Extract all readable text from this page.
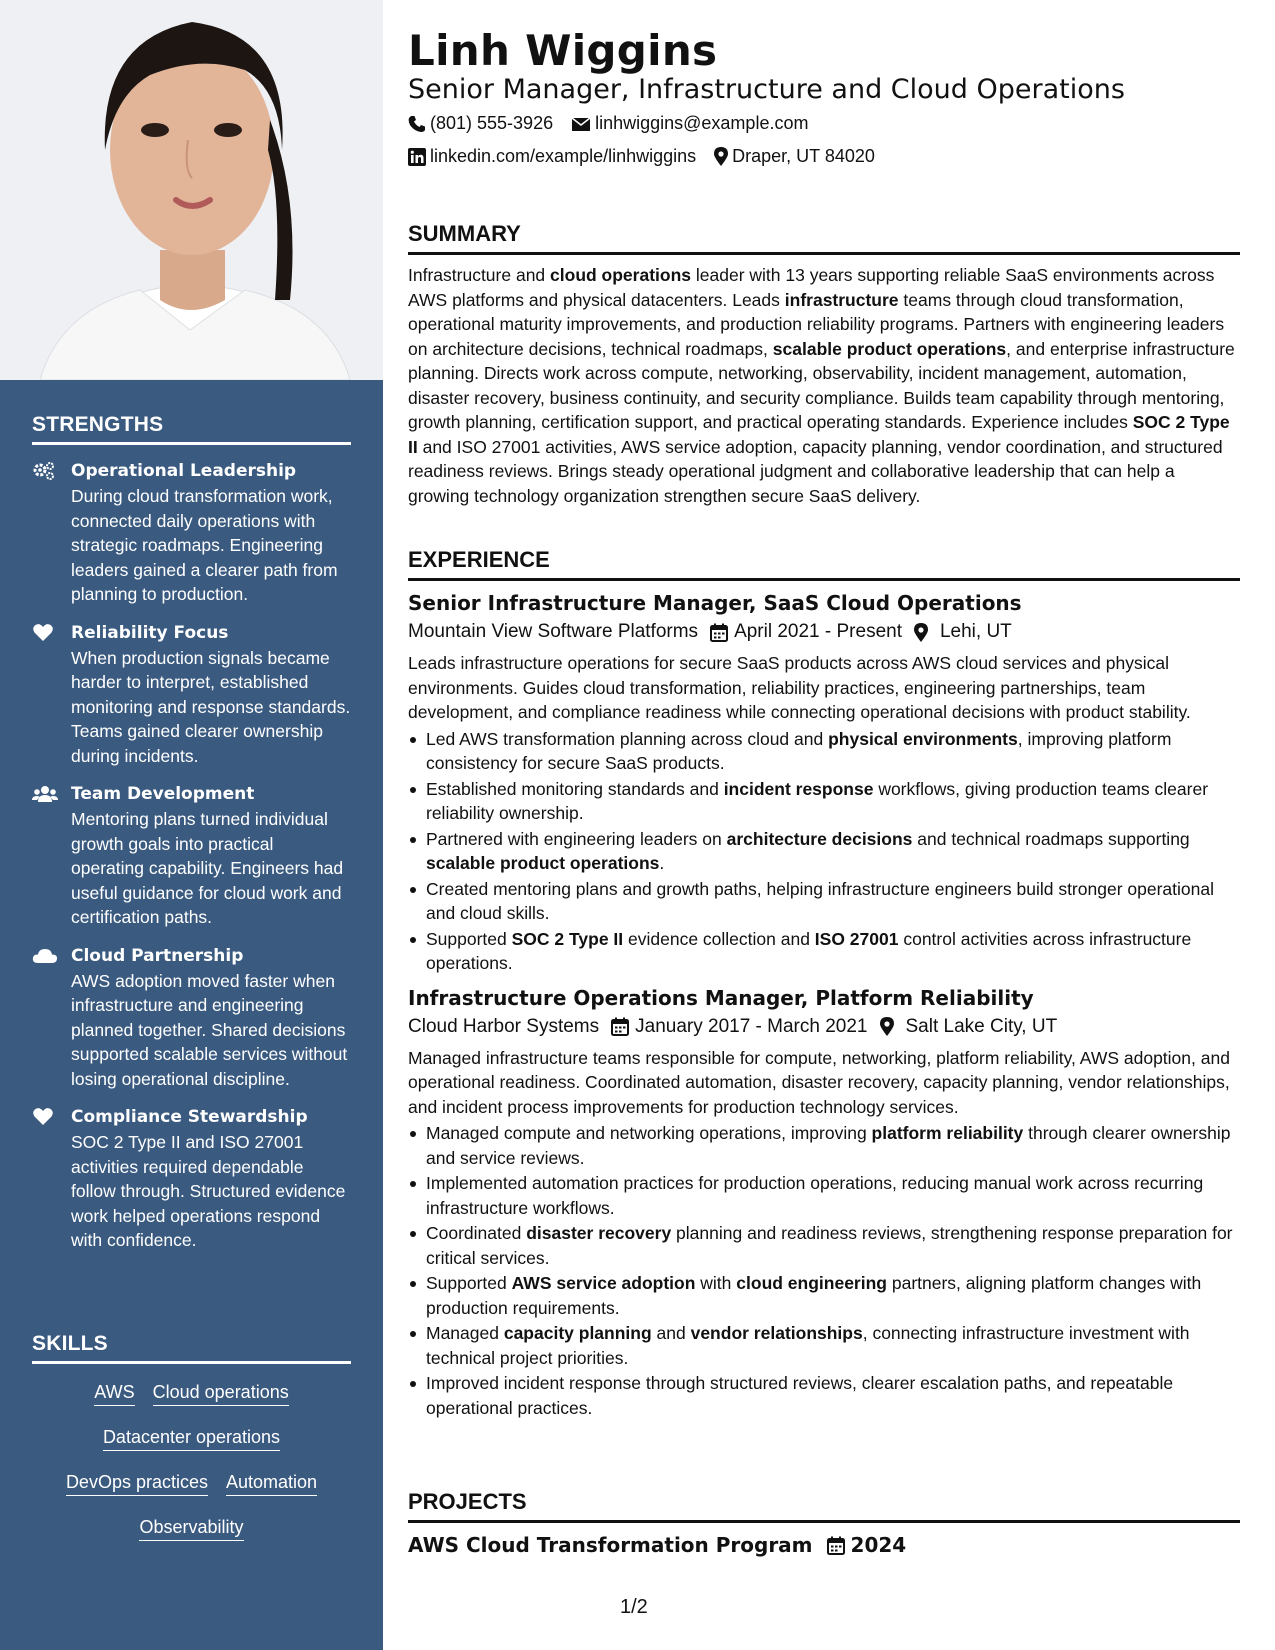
STRENGTHS
Operational Leadership
During cloud transformation work, connected daily operations with strategic roadmaps. Engineering leaders gained a clearer path from planning to production.
Reliability Focus
When production signals became harder to interpret, established monitoring and response standards. Teams gained clearer ownership during incidents.
Team Development
Mentoring plans turned individual growth goals into practical operating capability. Engineers had useful guidance for cloud work and certification paths.
Cloud Partnership
AWS adoption moved faster when infrastructure and engineering planned together. Shared decisions supported scalable services without losing operational discipline.
Compliance Stewardship
SOC 2 Type II and ISO 27001 activities required dependable follow through. Structured evidence work helped operations respond with confidence.
SKILLS
AWS Cloud operations
Datacenter operations
DevOps practices Automation
Observability
Linh Wiggins
Senior Manager, Infrastructure and Cloud Operations
(801) 555-3926 linhwiggins@example.com
linkedin.com/example/linhwiggins Draper, UT 84020
SUMMARY
Infrastructure and cloud operations leader with 13 years supporting reliable SaaS environments across AWS platforms and physical datacenters. Leads infrastructure teams through cloud transformation, operational maturity improvements, and production reliability programs. Partners with engineering leaders on architecture decisions, technical roadmaps, scalable product operations, and enterprise infrastructure planning. Directs work across compute, networking, observability, incident management, automation, disaster recovery, business continuity, and security compliance. Builds team capability through mentoring, growth planning, certification support, and practical operating standards. Experience includes SOC 2 Type II and ISO 27001 activities, AWS service adoption, capacity planning, vendor coordination, and structured readiness reviews. Brings steady operational judgment and collaborative leadership that can help a growing technology organization strengthen secure SaaS delivery.
EXPERIENCE
Senior Infrastructure Manager, SaaS Cloud Operations
Mountain View Software Platforms April 2021 - Present Lehi, UT
Leads infrastructure operations for secure SaaS products across AWS cloud services and physical environments. Guides cloud transformation, reliability practices, engineering partnerships, team development, and compliance readiness while connecting operational decisions with product stability.
Led AWS transformation planning across cloud and physical environments, improving platform consistency for secure SaaS products.
Established monitoring standards and incident response workflows, giving production teams clearer reliability ownership.
Partnered with engineering leaders on architecture decisions and technical roadmaps supporting scalable product operations.
Created mentoring plans and growth paths, helping infrastructure engineers build stronger operational and cloud skills.
Supported SOC 2 Type II evidence collection and ISO 27001 control activities across infrastructure operations.
Infrastructure Operations Manager, Platform Reliability
Cloud Harbor Systems January 2017 - March 2021 Salt Lake City, UT
Managed infrastructure teams responsible for compute, networking, platform reliability, AWS adoption, and operational readiness. Coordinated automation, disaster recovery, capacity planning, vendor relationships, and incident process improvements for production technology services.
Managed compute and networking operations, improving platform reliability through clearer ownership and service reviews.
Implemented automation practices for production operations, reducing manual work across recurring infrastructure workflows.
Coordinated disaster recovery planning and readiness reviews, strengthening response preparation for critical services.
Supported AWS service adoption with cloud engineering partners, aligning platform changes with production requirements.
Managed capacity planning and vendor relationships, connecting infrastructure investment with technical project priorities.
Improved incident response through structured reviews, clearer escalation paths, and repeatable operational practices.
PROJECTS
AWS Cloud Transformation Program 2024
1/2
